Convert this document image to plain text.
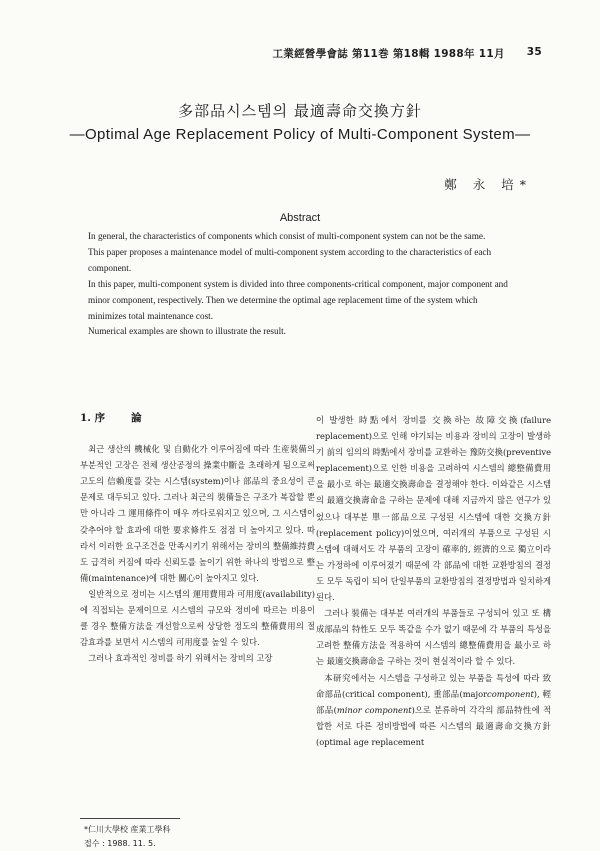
工業經營學會誌 第11巻 第18輯 1988年 11月 35
多部品시스템의 最適壽命交換方針
—Optimal Age Replacement Policy of Multi-Component System—
鄭 永 培*
Abstract

In general, the characteristics of components which consist of multi-component system can not be the same.

This paper proposes a maintenance model of multi-component system according to the characteristics of each component.

In this paper, multi-component system is divided into three components-critical component, major component and minor component, respectively. Then we determine the optimal age replacement time of the system which minimizes total maintenance cost.

Numerical examples are shown to illustrate the result.

1. 序 論

최근 생산의 機械化 및 自動化가 이루어짐에 따라 生産裝備의 부분적인 고장은 전체 생산공정의 操業中斷을 초래하게 됨으로써 고도의 信賴度를 갖는 시스템(system)이나 部品의 중요성이 큰 문제로 대두되고 있다. 그러나 최근의 裝備들은 구조가 복잡할 뿐만 아니라 그 運用條件이 매우 까다로워지고 있으며, 그 시스템이 갖추어야 할 효과에 대한 要求條件도 점점 더 높아지고 있다. 따라서 이러한 요구조건을 만족시키기 위해서는 장비의 整備維持費도 급격히 커짐에 따라 신뢰도를 높이기 위한 하나의 방법으로 整備(maintenance)에 대한 關心이 높아지고 있다.

일반적으로 정비는 시스템의 運用費用과 可用度(availability)에 직접되는 문제이므로 시스템의 규모와 정비에 따르는 비용이 클 경우 整備方法을 개선함으로써 상당한 정도의 整備費用의 절감효과를 보면서 시스템의 可用度를 높일 수 있다.

그러나 효과적인 정비를 하기 위해서는 장비의 고장

이 발생한 時點에서 장비를 交換하는 故障交換(failure replacement)으로 인해 야기되는 비용과 장비의 고장이 발생하기 前의 임의의 時點에서 장비를 교환하는 豫防交換(preventive replacement)으로 인한 비용을 고려하여 시스템의 總整備費用을 最小로 하는 最適交換壽命을 결정해야 한다. 이와같은 시스템의 最適交換壽命을 구하는 문제에 대해 지금까지 많은 연구가 있었으나 대부분 單一部品으로 구성된 시스템에 대한 交換方針(replacement policy)이었으며, 여러개의 부품으로 구성된 시스템에 대해서도 각 부품의 고장이 確率的, 經濟的으로 獨立이라는 가정하에 이루어졌기 때문에 각 部品에 대한 교환방침의 결정도 모두 독립이 되어 단일부품의 교환방침의 결정방법과 일치하게 된다.

그러나 裝備는 대부분 여러개의 부품들로 구성되어 있고 또 構成部品의 特性도 모두 똑같을 수가 없기 때문에 각 부품의 특성을 고려한 整備方法을 적용하여 시스템의 總整備費用을 最小로 하는 最適交換壽命을 구하는 것이 현실적이라 할 수 있다.

本研究에서는 시스템을 구성하고 있는 부품을 특성에 따라 致命部品(critical component), 重部品(majorcomponent), 輕部品(minor component)으로 분류하여 각각의 部品特性에 적합한 서로 다른 정비방법에 따른 시스템의 最適壽命交換方針(optimal age replacement

*仁川大學校 産業工學科
접수 : 1988. 11. 5.
